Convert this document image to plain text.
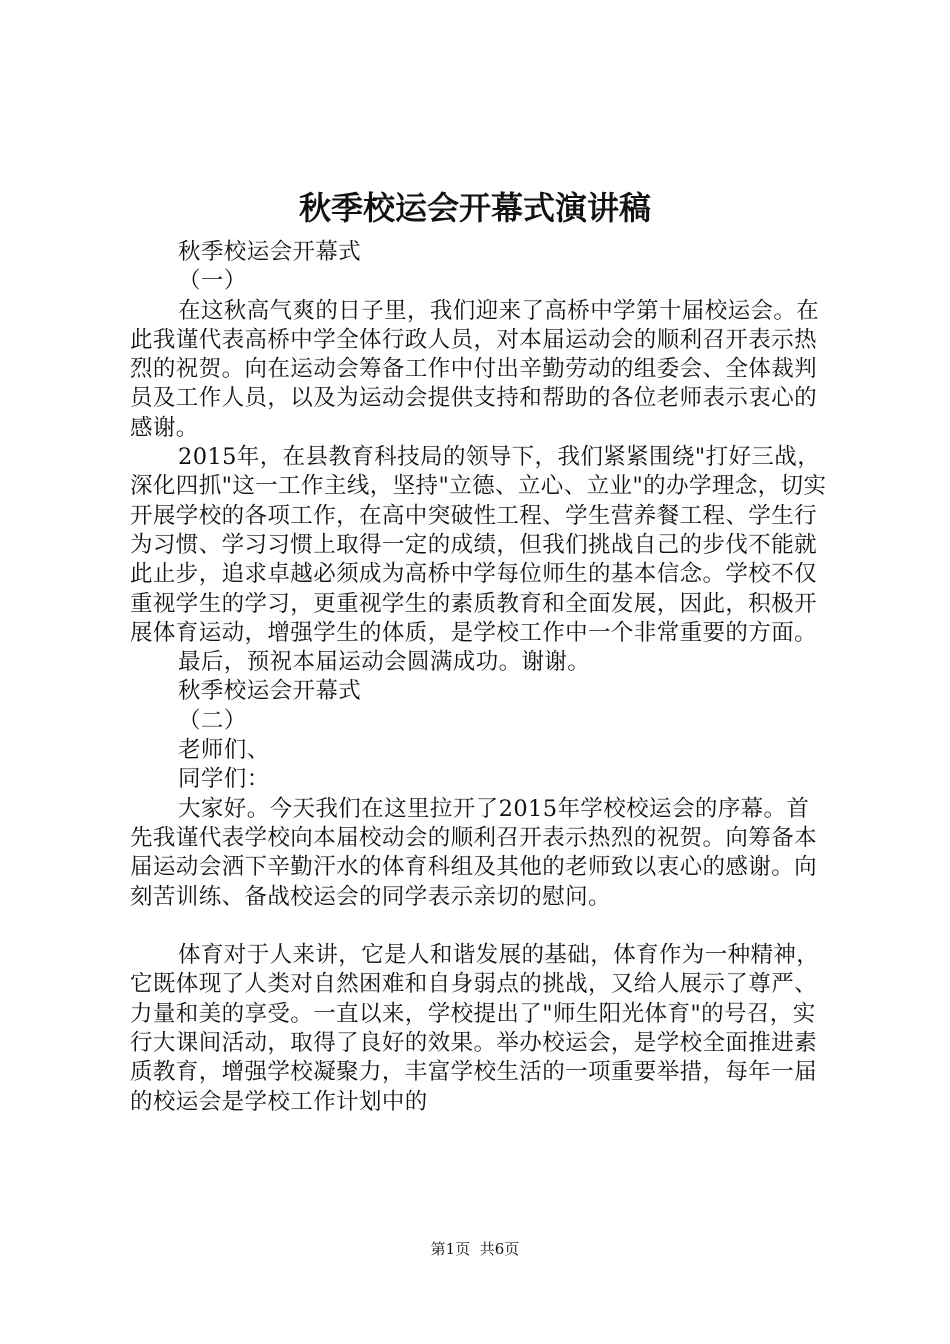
秋季校运会开幕式演讲稿

秋季校运会开幕式

（一）

在这秋高气爽的日子里，我们迎来了高桥中学第十届校运会。在此我谨代表高桥中学全体行政人员，对本届运动会的顺利召开表示热烈的祝贺。向在运动会筹备工作中付出辛勤劳动的组委会、全体裁判员及工作人员，以及为运动会提供支持和帮助的各位老师表示衷心的感谢。

2015年，在县教育科技局的领导下，我们紧紧围绕"打好三战，深化四抓"这一工作主线，坚持"立德、立心、立业"的办学理念，切实开展学校的各项工作，在高中突破性工程、学生营养餐工程、学生行为习惯、学习习惯上取得一定的成绩，但我们挑战自己的步伐不能就此止步，追求卓越必须成为高桥中学每位师生的基本信念。学校不仅重视学生的学习，更重视学生的素质教育和全面发展，因此，积极开展体育运动，增强学生的体质，是学校工作中一个非常重要的方面。

最后，预祝本届运动会圆满成功。谢谢。

秋季校运会开幕式

（二）

老师们、

同学们：

大家好。今天我们在这里拉开了2015年学校校运会的序幕。首先我谨代表学校向本届校动会的顺利召开表示热烈的祝贺。向筹备本届运动会洒下辛勤汗水的体育科组及其他的老师致以衷心的感谢。向刻苦训练、备战校运会的同学表示亲切的慰问。

体育对于人来讲，它是人和谐发展的基础，体育作为一种精神，它既体现了人类对自然困难和自身弱点的挑战，又给人展示了尊严、力量和美的享受。一直以来，学校提出了"师生阳光体育"的号召，实行大课间活动，取得了良好的效果。举办校运会，是学校全面推进素质教育，增强学校凝聚力，丰富学校生活的一项重要举措，每年一届的校运会是学校工作计划中的

第1页 共6页
